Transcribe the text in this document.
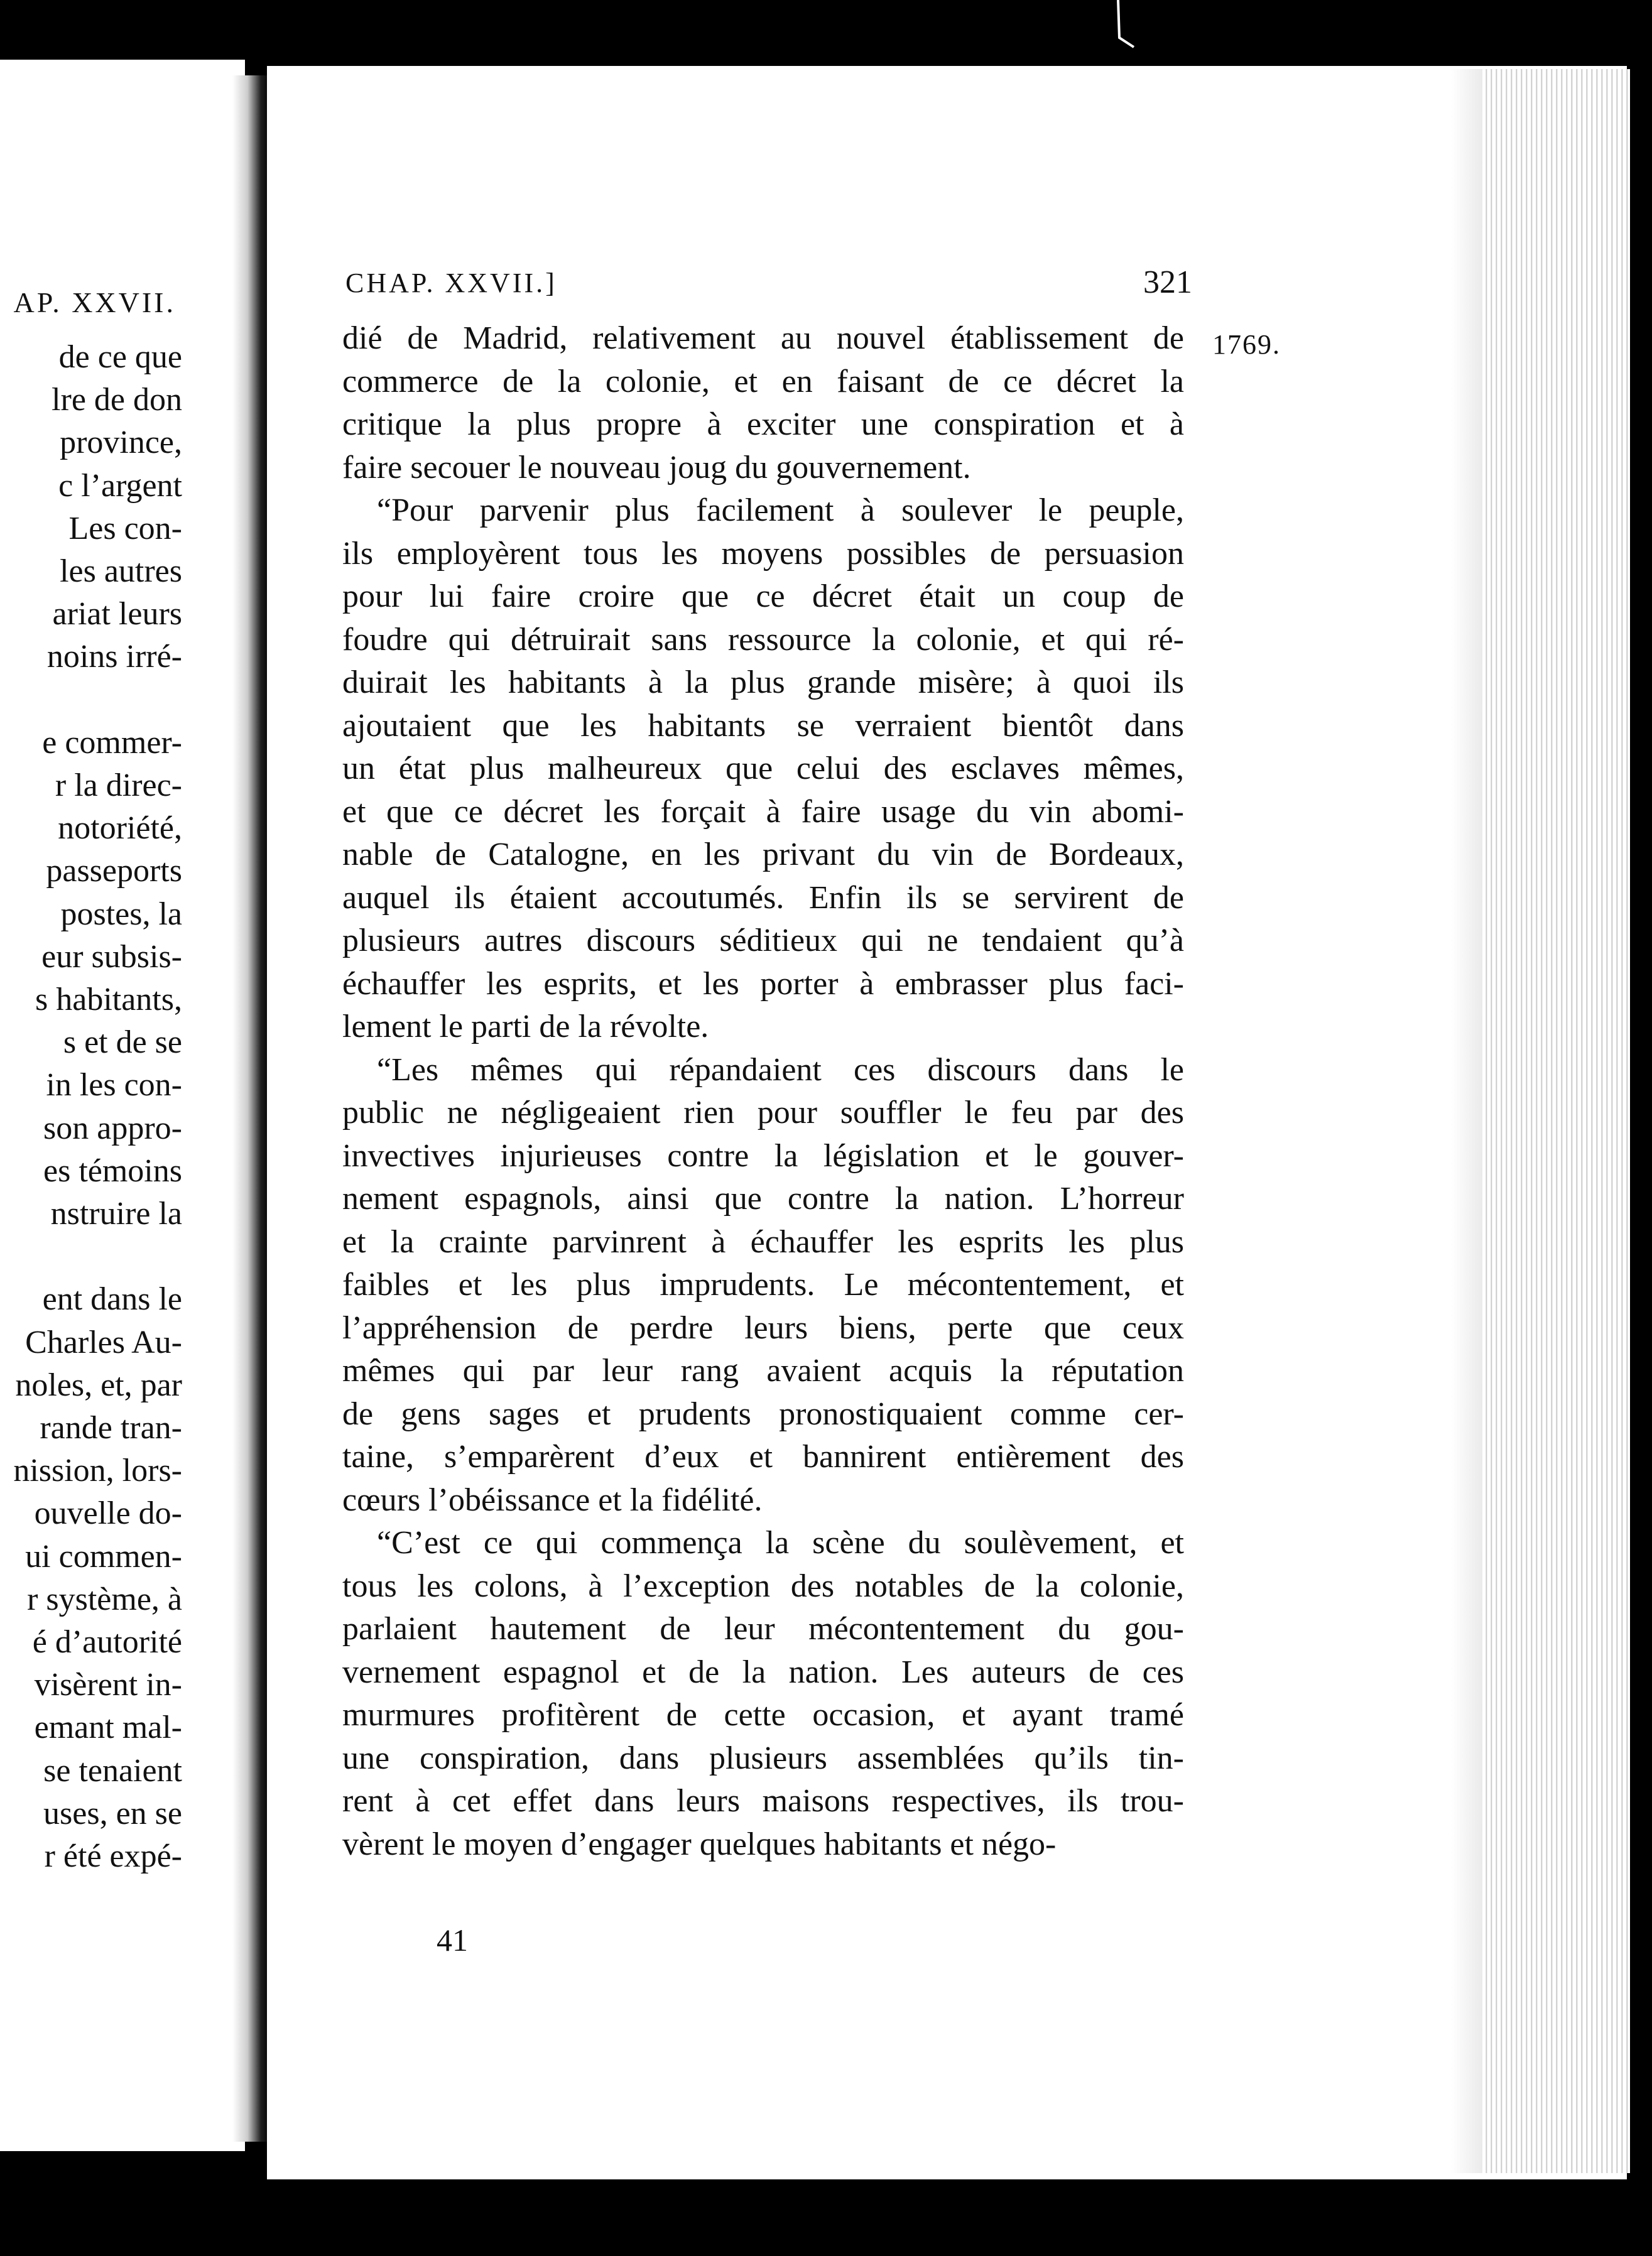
AP. XXVII.
de ce que
lre de don
province,
c l’argent
Les con-
les autres
ariat leurs
noins irré-
e commer-
r la direc-
notoriété,
passeports
postes, la
eur subsis-
s habitants,
s et de se
in les con-
son appro-
es témoins
nstruire la
ent dans le
Charles Au-
noles, et, par
rande tran-
nission, lors-
ouvelle do-
ui commen-
r système, à
é d’autorité
visèrent in-
emant mal-
se tenaient
uses, en se
r été expé-
CHAP. XXVII.]	321
1769.
dié de Madrid, relativement au nouvel établissement de
commerce de la colonie, et en faisant de ce décret la
critique la plus propre à exciter une conspiration et à
faire secouer le nouveau joug du gouvernement.
“Pour parvenir plus facilement à soulever le peuple,
ils employèrent tous les moyens possibles de persuasion
pour lui faire croire que ce décret était un coup de
foudre qui détruirait sans ressource la colonie, et qui ré-
duirait les habitants à la plus grande misère; à quoi ils
ajoutaient que les habitants se verraient bientôt dans
un état plus malheureux que celui des esclaves mêmes,
et que ce décret les forçait à faire usage du vin abomi-
nable de Catalogne, en les privant du vin de Bordeaux,
auquel ils étaient accoutumés. Enfin ils se servirent de
plusieurs autres discours séditieux qui ne tendaient qu’à
échauffer les esprits, et les porter à embrasser plus faci-
lement le parti de la révolte.
“Les mêmes qui répandaient ces discours dans le
public ne négligeaient rien pour souffler le feu par des
invectives injurieuses contre la législation et le gouver-
nement espagnols, ainsi que contre la nation. L’horreur
et la crainte parvinrent à échauffer les esprits les plus
faibles et les plus imprudents. Le mécontentement, et
l’appréhension de perdre leurs biens, perte que ceux
mêmes qui par leur rang avaient acquis la réputation
de gens sages et prudents pronostiquaient comme cer-
taine, s’emparèrent d’eux et bannirent entièrement des
cœurs l’obéissance et la fidélité.
“C’est ce qui commença la scène du soulèvement, et
tous les colons, à l’exception des notables de la colonie,
parlaient hautement de leur mécontentement du gou-
vernement espagnol et de la nation. Les auteurs de ces
murmures profitèrent de cette occasion, et ayant tramé
une conspiration, dans plusieurs assemblées qu’ils tin-
rent à cet effet dans leurs maisons respectives, ils trou-
vèrent le moyen d’engager quelques habitants et négo-
41
